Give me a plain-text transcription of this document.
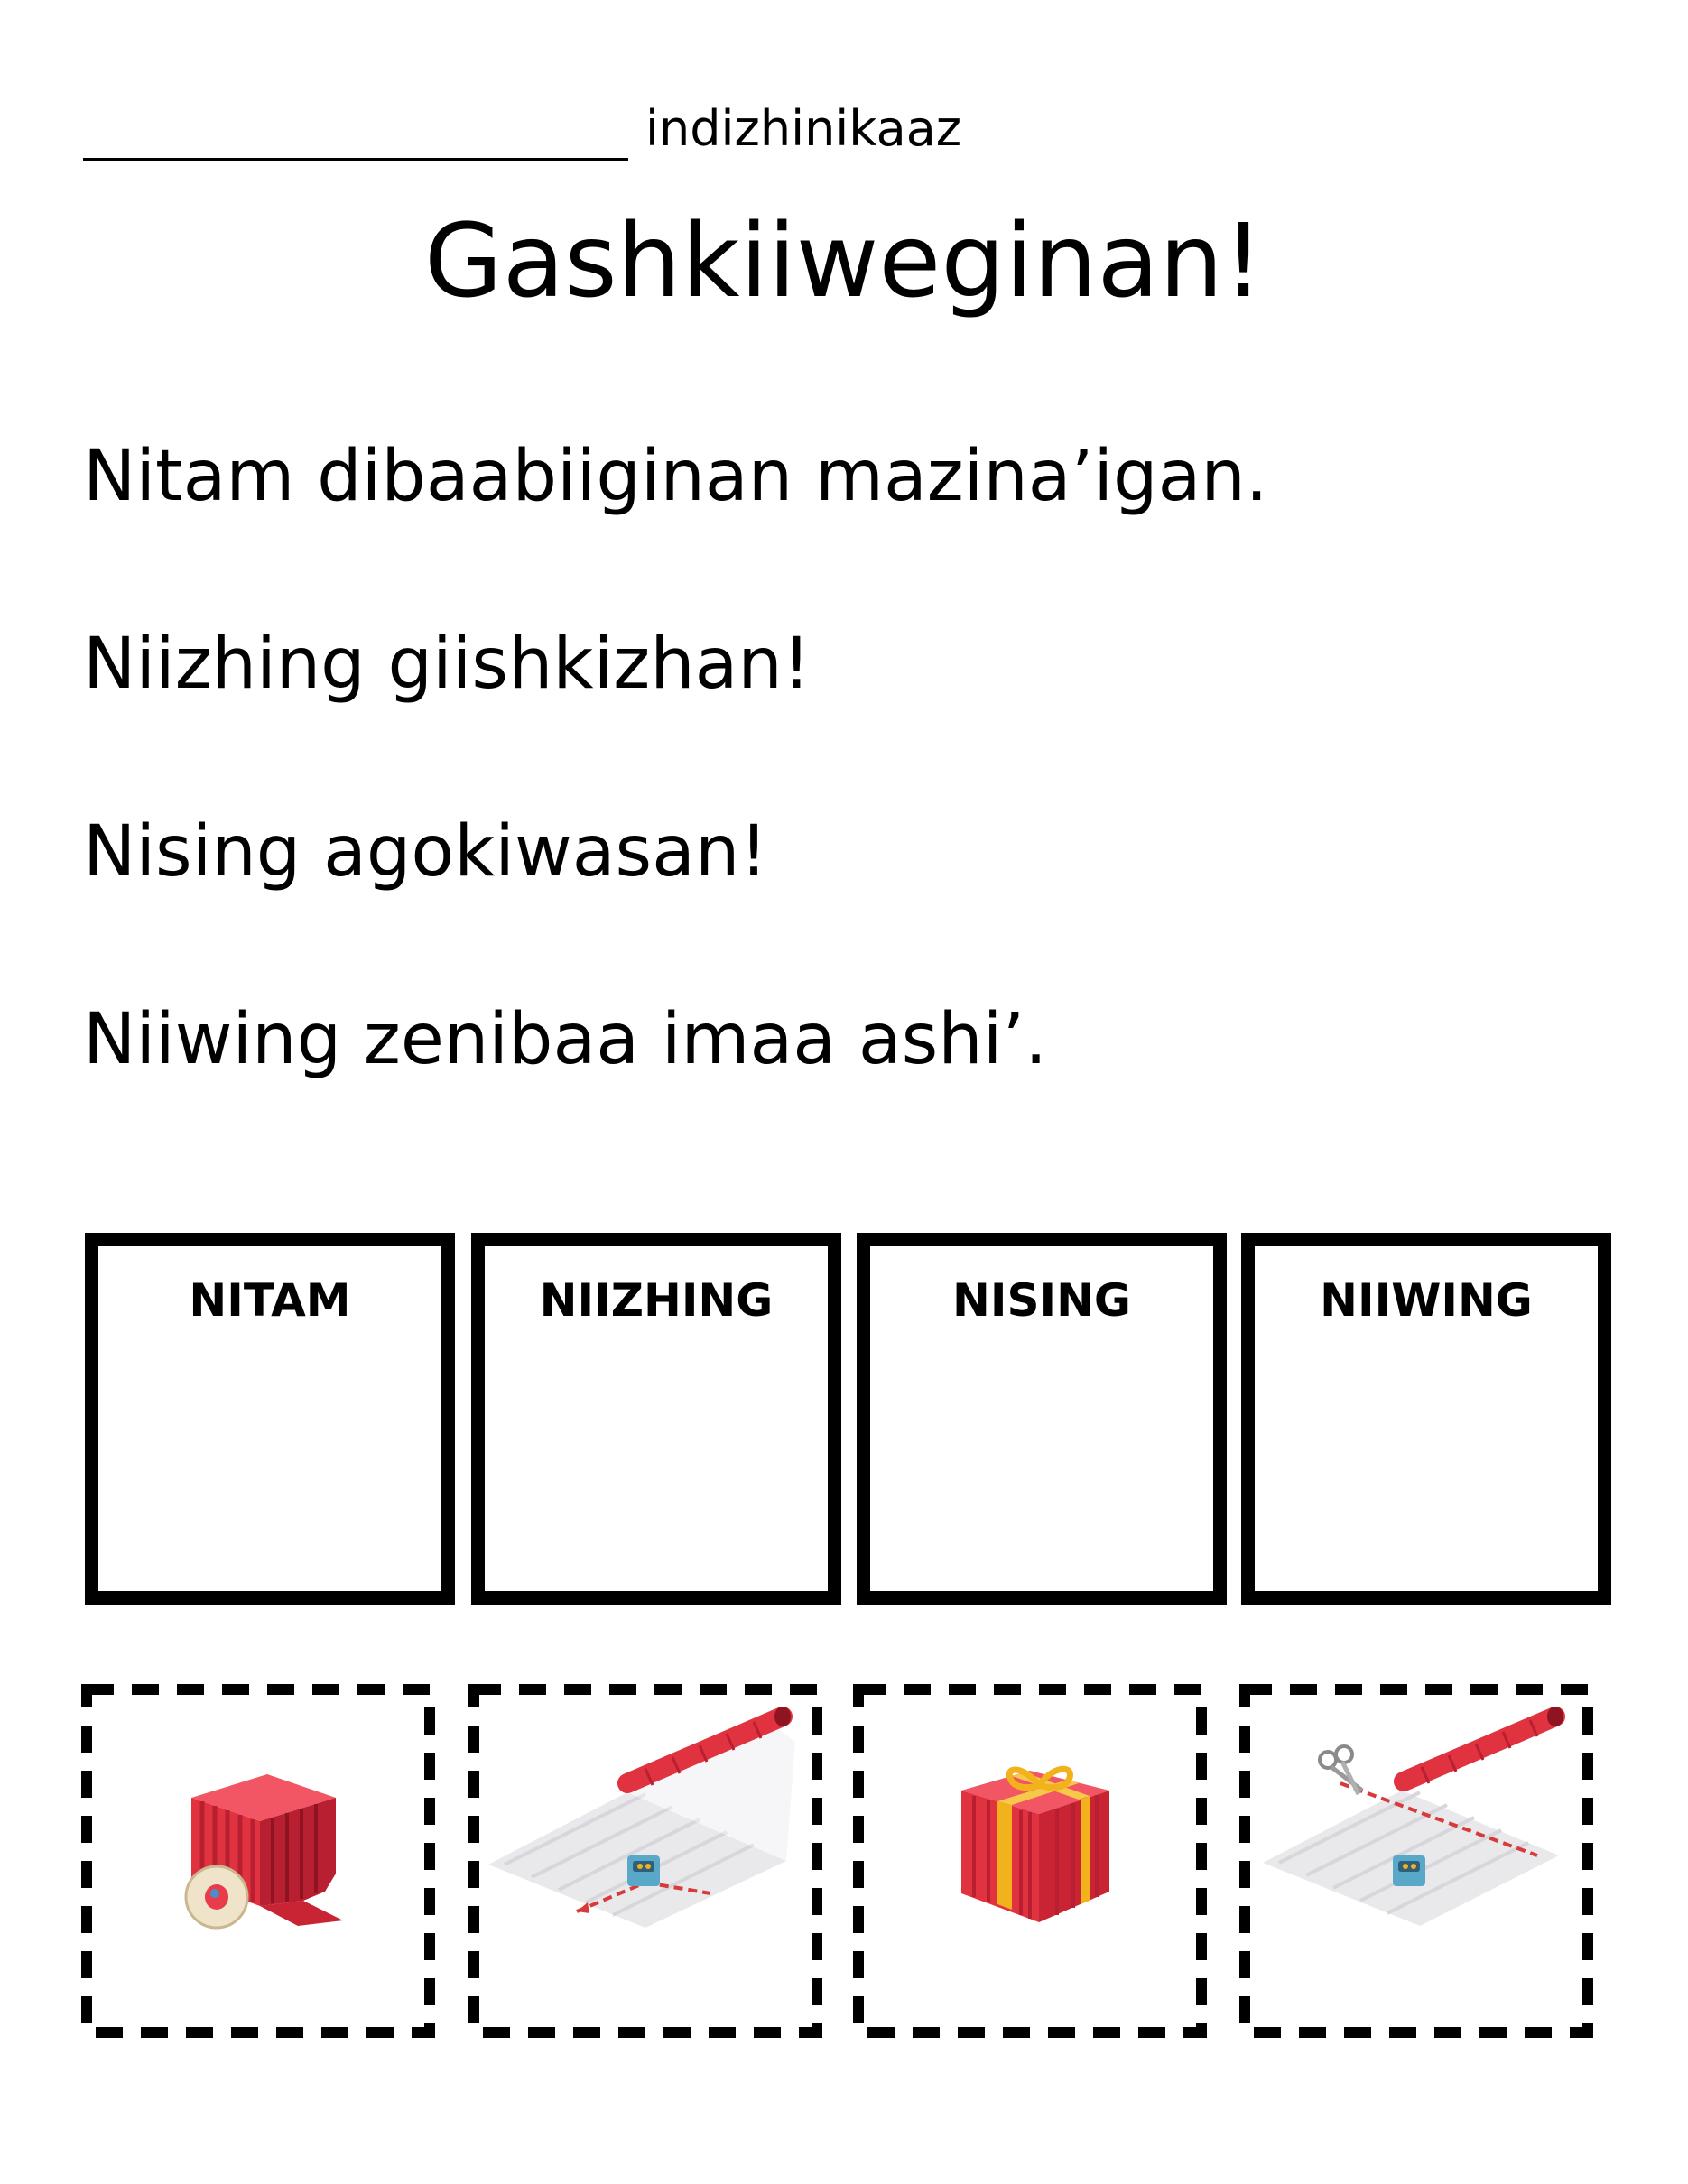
indizhinikaaz
Gashkiiweginan!
Nitam dibaabiiginan mazina’igan.
Niizhing giishkizhan!
Nising agokiwasan!
Niiwing zenibaa imaa ashi’.
NITAM	NIIZHING	NISING	NIIWING
